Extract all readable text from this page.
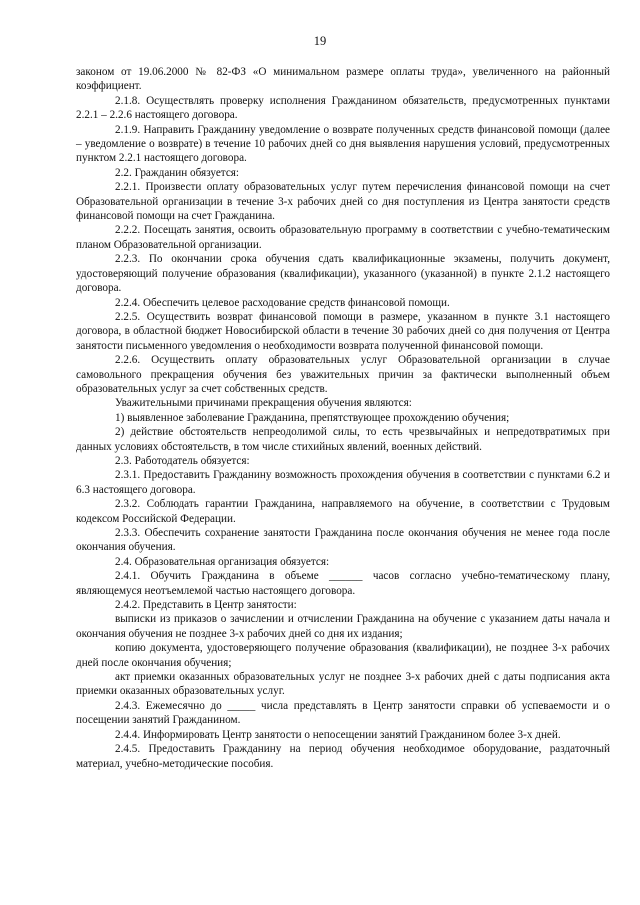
19

законом от 19.06.2000 № 82-ФЗ «О минимальном размере оплаты труда», увеличенного на районный коэффициент.

2.1.8. Осуществлять проверку исполнения Гражданином обязательств, предусмотренных пунктами 2.2.1 – 2.2.6 настоящего договора.

2.1.9. Направить Гражданину уведомление о возврате полученных средств финансовой помощи (далее – уведомление о возврате) в течение 10 рабочих дней со дня выявления нарушения условий, предусмотренных пунктом 2.2.1 настоящего договора.

2.2. Гражданин обязуется:

2.2.1. Произвести оплату образовательных услуг путем перечисления финансовой помощи на счет Образовательной организации в течение 3-х рабочих дней со дня поступления из Центра занятости средств финансовой помощи на счет Гражданина.

2.2.2. Посещать занятия, освоить образовательную программу в соответствии с учебно-тематическим планом Образовательной организации.

2.2.3. По окончании срока обучения сдать квалификационные экзамены, получить документ, удостоверяющий получение образования (квалификации), указанного (указанной) в пункте 2.1.2 настоящего договора.

2.2.4. Обеспечить целевое расходование средств финансовой помощи.

2.2.5. Осуществить возврат финансовой помощи в размере, указанном в пункте 3.1 настоящего договора, в областной бюджет Новосибирской области в течение 30 рабочих дней со дня получения от Центра занятости письменного уведомления о необходимости возврата полученной финансовой помощи.

2.2.6. Осуществить оплату образовательных услуг Образовательной организации в случае самовольного прекращения обучения без уважительных причин за фактически выполненный объем образовательных услуг за счет собственных средств.

Уважительными причинами прекращения обучения являются:

1) выявленное заболевание Гражданина, препятствующее прохождению обучения;

2) действие обстоятельств непреодолимой силы, то есть чрезвычайных и непредотвратимых при данных условиях обстоятельств, в том числе стихийных явлений, военных действий.

2.3. Работодатель обязуется:

2.3.1. Предоставить Гражданину возможность прохождения обучения в соответствии с пунктами 6.2 и 6.3 настоящего договора.

2.3.2. Соблюдать гарантии Гражданина, направляемого на обучение, в соответствии с Трудовым кодексом Российской Федерации.

2.3.3. Обеспечить сохранение занятости Гражданина после окончания обучения не менее года после окончания обучения.

2.4. Образовательная организация обязуется:

2.4.1. Обучить Гражданина в объеме ______ часов согласно учебно-тематическому плану, являющемуся неотъемлемой частью настоящего договора.

2.4.2. Представить в Центр занятости:

выписки из приказов о зачислении и отчислении Гражданина на обучение с указанием даты начала и окончания обучения не позднее 3-х рабочих дней со дня их издания;

копию документа, удостоверяющего получение образования (квалификации), не позднее 3-х рабочих дней после окончания обучения;

акт приемки оказанных образовательных услуг не позднее 3-х рабочих дней с даты подписания акта приемки оказанных образовательных услуг.

2.4.3. Ежемесячно до _____ числа представлять в Центр занятости справки об успеваемости и о посещении занятий Гражданином.

2.4.4. Информировать Центр занятости о непосещении занятий Гражданином более 3-х дней.

2.4.5. Предоставить Гражданину на период обучения необходимое оборудование, раздаточный материал, учебно-методические пособия.
